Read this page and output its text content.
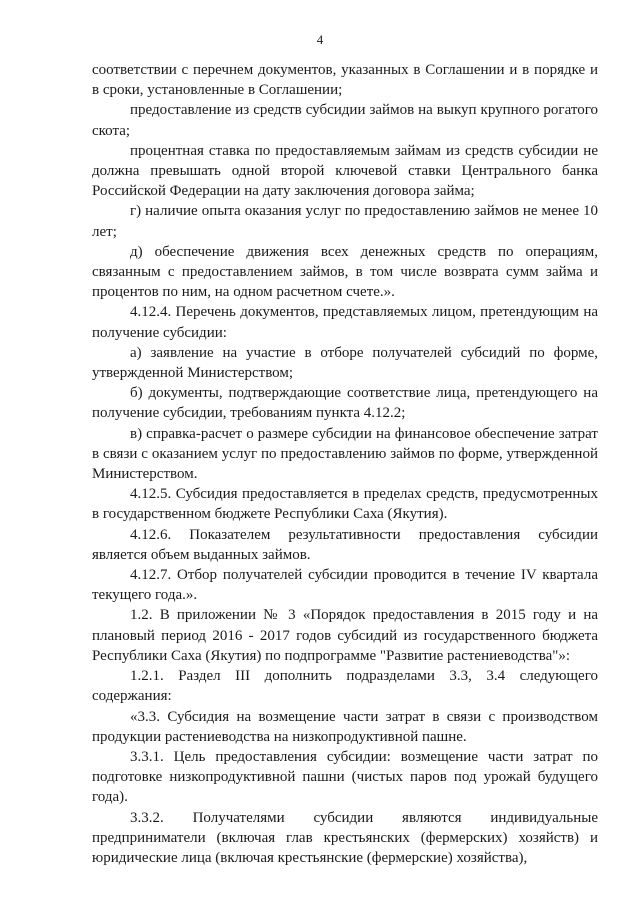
4

соответствии с перечнем документов, указанных в Соглашении и в порядке и в сроки, установленные в Соглашении;

предоставление из средств субсидии займов на выкуп крупного рогатого скота;

процентная ставка по предоставляемым займам из средств субсидии не должна превышать одной второй ключевой ставки Центрального банка Российской Федерации на дату заключения договора займа;

г) наличие опыта оказания услуг по предоставлению займов не менее 10 лет;

д) обеспечение движения всех денежных средств по операциям, связанным с предоставлением займов, в том числе возврата сумм займа и процентов по ним, на одном расчетном счете.».

4.12.4. Перечень документов, представляемых лицом, претендующим на получение субсидии:

а) заявление на участие в отборе получателей субсидий по форме, утвержденной Министерством;

б) документы, подтверждающие соответствие лица, претендующего на получение субсидии, требованиям пункта 4.12.2;

в) справка-расчет о размере субсидии на финансовое обеспечение затрат в связи с оказанием услуг по предоставлению займов по форме, утвержденной Министерством.

4.12.5. Субсидия предоставляется в пределах средств, предусмотренных в государственном бюджете Республики Саха (Якутия).

4.12.6. Показателем результативности предоставления субсидии является объем выданных займов.

4.12.7. Отбор получателей субсидии проводится в течение IV квартала текущего года.».

1.2. В приложении № 3 «Порядок предоставления в 2015 году и на плановый период 2016 - 2017 годов субсидий из государственного бюджета Республики Саха (Якутия) по подпрограмме "Развитие растениеводства"»:

1.2.1. Раздел III дополнить подразделами 3.3, 3.4 следующего содержания:

«3.3. Субсидия на возмещение части затрат в связи с производством продукции растениеводства на низкопродуктивной пашне.

3.3.1. Цель предоставления субсидии: возмещение части затрат по подготовке низкопродуктивной пашни (чистых паров под урожай будущего года).

3.3.2. Получателями субсидии являются индивидуальные предприниматели (включая глав крестьянских (фермерских) хозяйств) и юридические лица (включая крестьянские (фермерские) хозяйства),
